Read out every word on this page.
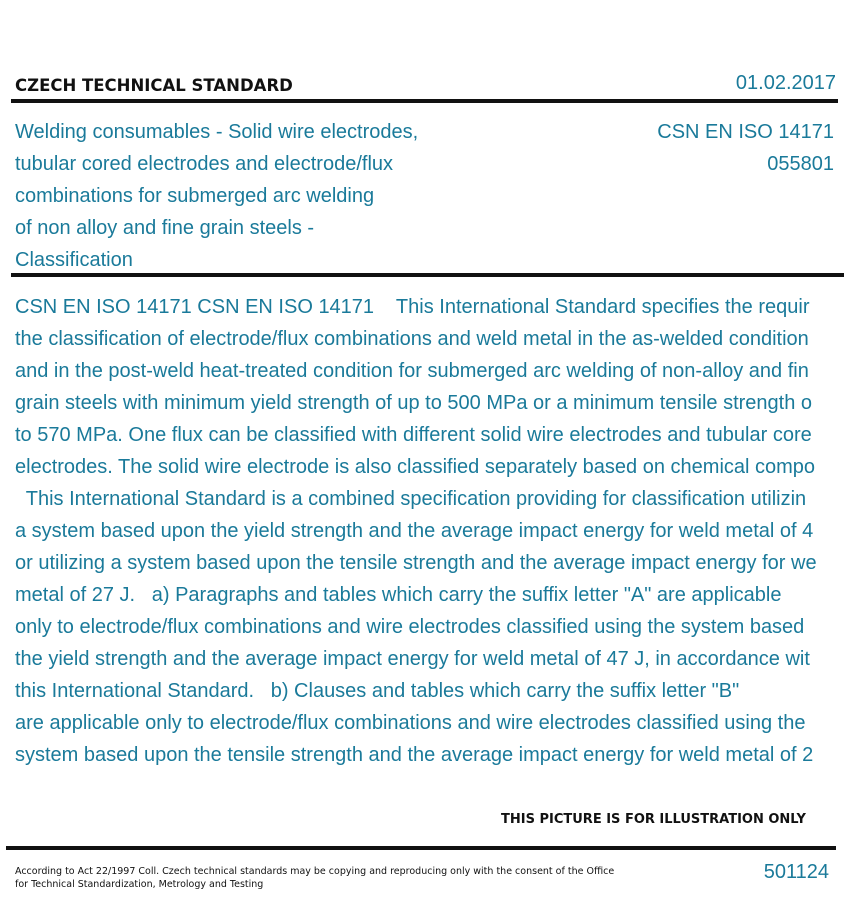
CZECH TECHNICAL STANDARD	01.02.2017
Welding consumables - Solid wire electrodes,
tubular cored electrodes and electrode/flux
combinations for submerged arc welding
of non alloy and fine grain steels -
Classification
CSN EN ISO 14171
055801
CSN EN ISO 14171 CSN EN ISO 14171    This International Standard specifies the requir
the classification of electrode/flux combinations and weld metal in the as-welded condition
and in the post-weld heat-treated condition for submerged arc welding of non-alloy and fin
grain steels with minimum yield strength of up to 500 MPa or a minimum tensile strength o
to 570 MPa. One flux can be classified with different solid wire electrodes and tubular core
electrodes. The solid wire electrode is also classified separately based on chemical compo
This International Standard is a combined specification providing for classification utilizin
a system based upon the yield strength and the average impact energy for weld metal of 4
or utilizing a system based upon the tensile strength and the average impact energy for we
metal of 27 J.   a) Paragraphs and tables which carry the suffix letter "A" are applicable
only to electrode/flux combinations and wire electrodes classified using the system based
the yield strength and the average impact energy for weld metal of 47 J, in accordance wit
this International Standard.   b) Clauses and tables which carry the suffix letter "B"
are applicable only to electrode/flux combinations and wire electrodes classified using the
system based upon the tensile strength and the average impact energy for weld metal of 2
THIS PICTURE IS FOR ILLUSTRATION ONLY
According to Act 22/1997 Coll. Czech technical standards may be copying and reproducing only with the consent of the Office
for Technical Standardization, Metrology and Testing
501124
